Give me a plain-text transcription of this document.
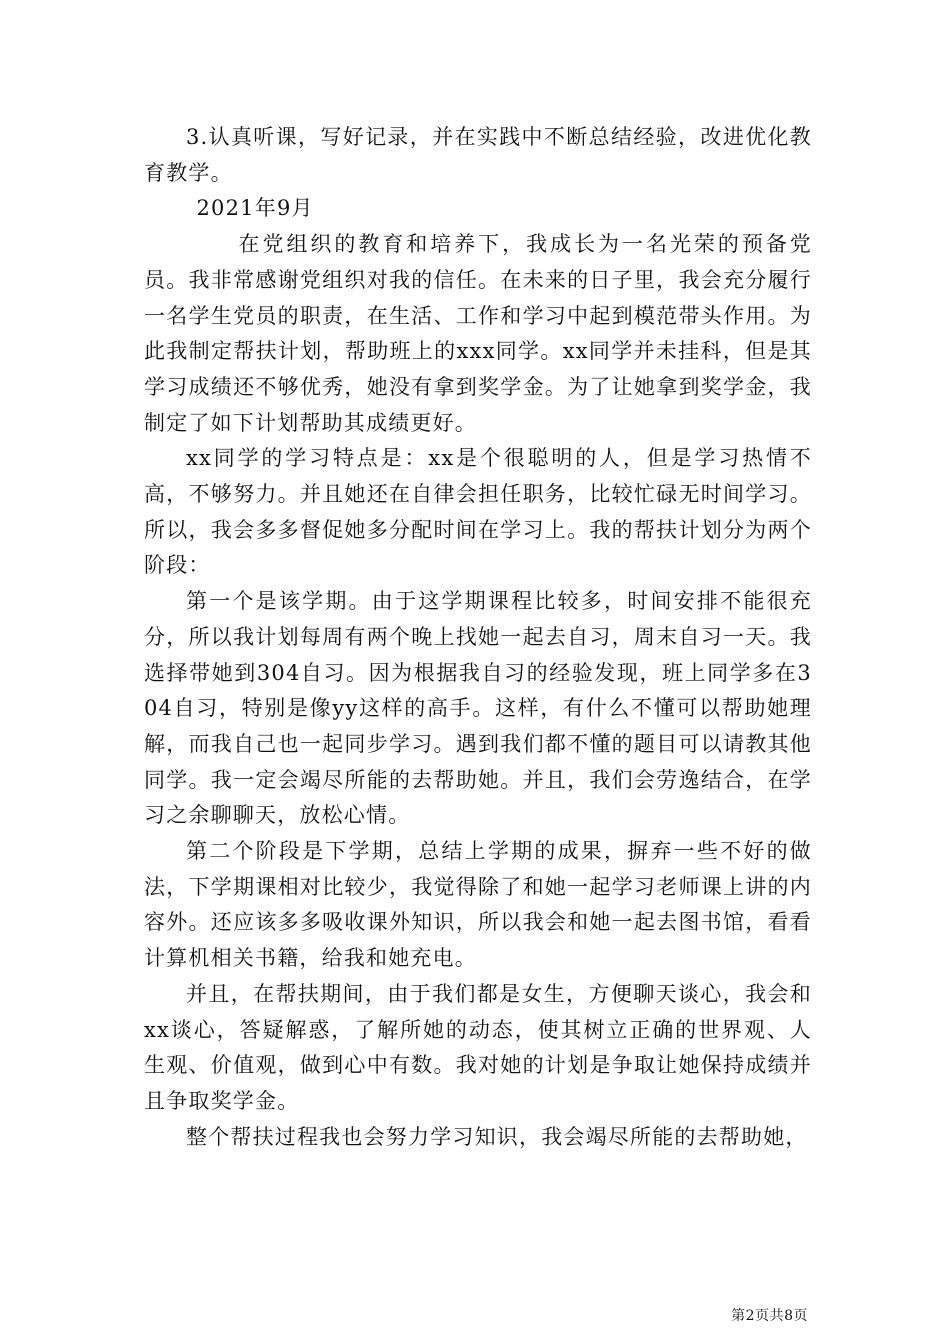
3.认真听课，写好记录，并在实践中不断总结经验，改进优化教育教学。

2021年9月

在党组织的教育和培养下，我成长为一名光荣的预备党员。我非常感谢党组织对我的信任。在未来的日子里，我会充分履行一名学生党员的职责，在生活、工作和学习中起到模范带头作用。为此我制定帮扶计划，帮助班上的xxx同学。xx同学并未挂科，但是其学习成绩还不够优秀，她没有拿到奖学金。为了让她拿到奖学金，我制定了如下计划帮助其成绩更好。

xx同学的学习特点是：xx是个很聪明的人，但是学习热情不高，不够努力。并且她还在自律会担任职务，比较忙碌无时间学习。所以，我会多多督促她多分配时间在学习上。我的帮扶计划分为两个阶段：

第一个是该学期。由于这学期课程比较多，时间安排不能很充分，所以我计划每周有两个晚上找她一起去自习，周末自习一天。我选择带她到304自习。因为根据我自习的经验发现，班上同学多在304自习，特别是像yy这样的高手。这样，有什么不懂可以帮助她理解，而我自己也一起同步学习。遇到我们都不懂的题目可以请教其他同学。我一定会竭尽所能的去帮助她。并且，我们会劳逸结合，在学习之余聊聊天，放松心情。

第二个阶段是下学期，总结上学期的成果，摒弃一些不好的做法，下学期课相对比较少，我觉得除了和她一起学习老师课上讲的内容外。还应该多多吸收课外知识，所以我会和她一起去图书馆，看看计算机相关书籍，给我和她充电。

并且，在帮扶期间，由于我们都是女生，方便聊天谈心，我会和xx谈心，答疑解惑，了解所她的动态，使其树立正确的世界观、人生观、价值观，做到心中有数。我对她的计划是争取让她保持成绩并且争取奖学金。

整个帮扶过程我也会努力学习知识，我会竭尽所能的去帮助她，

第2页共8页
